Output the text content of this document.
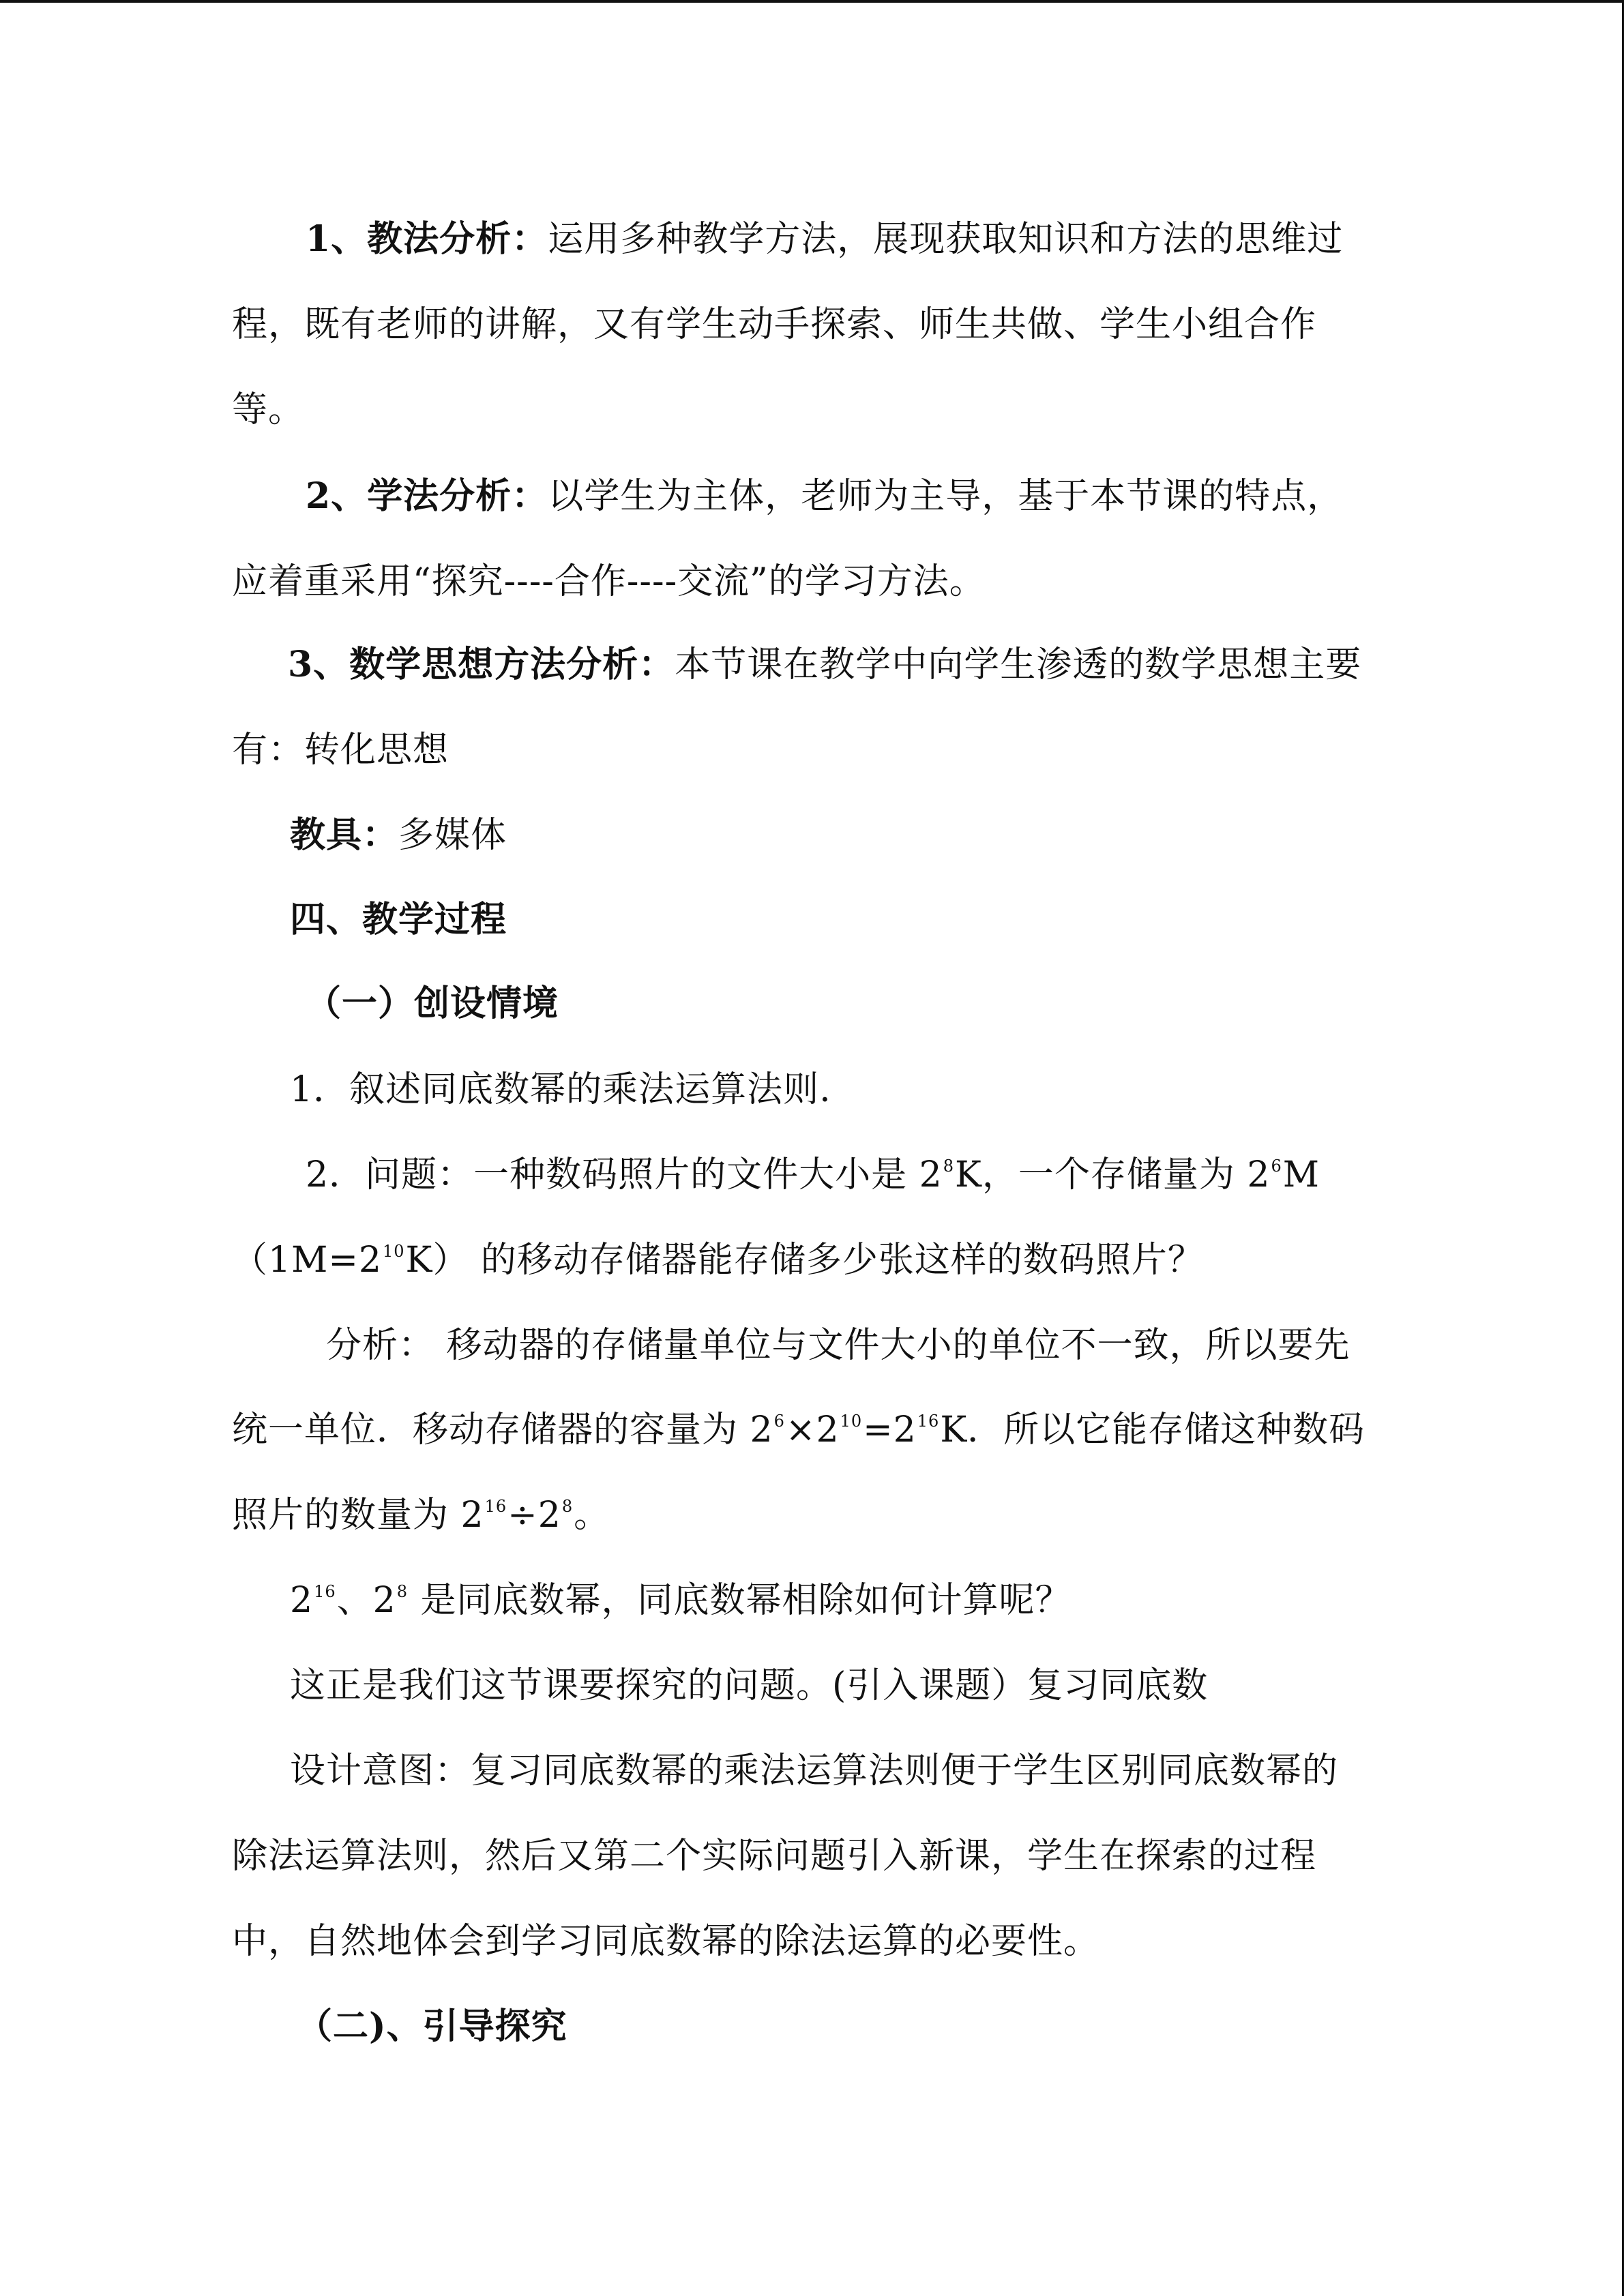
1、教法分析：运用多种教学方法，展现获取知识和方法的思维过
程，既有老师的讲解，又有学生动手探索、师生共做、学生小组合作
等。
2、学法分析：以学生为主体，老师为主导，基于本节课的特点，
应着重采用“探究----合作----交流”的学习方法。
3、数学思想方法分析：本节课在教学中向学生渗透的数学思想主要
有：转化思想
教具：多媒体
四、教学过程
（一）创设情境
1．叙述同底数幂的乘法运算法则.
2．问题：一种数码照片的文件大小是 $2^8K$，一个存储量为 $2^6M$
$(1M=2^{10}K)$ 的移动存储器能存储多少张这样的数码照片？
分析： 移动器的存储量单位与文件大小的单位不一致，所以要先
统一单位．移动存储器的容量为 $2^6\times 2^{10}=2^{16}K$．所以它能存储这种数码
照片的数量为 $2^{16}\div 2^8$。
$2^{16}$、$2^8$ 是同底数幂，同底数幂相除如何计算呢？
这正是我们这节课要探究的问题。(引入课题）复习同底数
设计意图：复习同底数幂的乘法运算法则便于学生区别同底数幂的
除法运算法则，然后又第二个实际问题引入新课，学生在探索的过程
中，自然地体会到学习同底数幂的除法运算的必要性。
（二)、引导探究
